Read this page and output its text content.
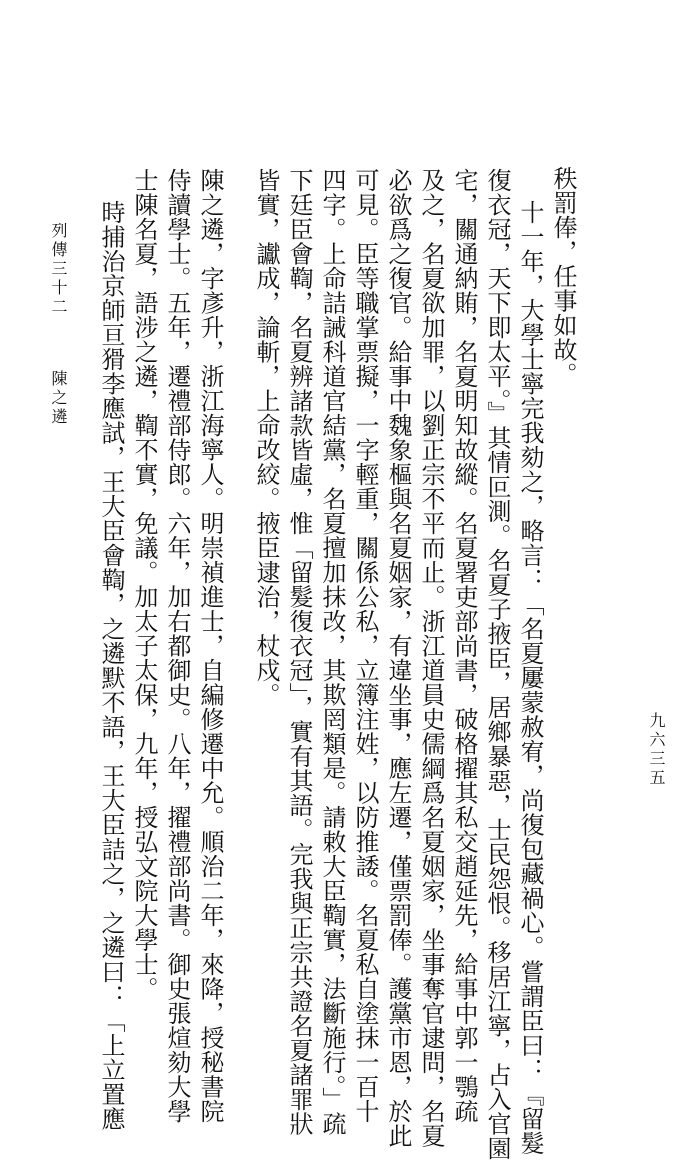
九六三五
秩罰俸，任事如故。
十一年，大學士寧完我劾之，略言：「名夏屢蒙赦宥，尚復包藏禍心。嘗謂臣曰：『留髮
復衣冠，天下即太平。』其情叵測。名夏子掖臣，居鄉暴惡，士民怨恨。移居江寧，占入官園
宅，關通納賄，名夏明知故縱。名夏署吏部尚書，破格擢其私交趙延先，給事中郭一鶚疏
及之，名夏欲加罪，以劉正宗不平而止。浙江道員史儒綱爲名夏姻家，坐事奪官逮問，名夏
必欲爲之復官。給事中魏象樞與名夏姻家，有違坐事，應左遷，僅票罰俸。護黨市恩，於此
可見。臣等職掌票擬，一字輕重，關係公私，立簿注姓，以防推諉。名夏私自塗抹一百十
四字。上命詰誡科道官結黨，名夏擅加抹改，其欺罔類是。請敕大臣鞫實，法斷施行。」疏
下廷臣會鞫，名夏辨諸款皆虛，惟「留髮復衣冠」，實有其語。完我與正宗共證名夏諸罪狀
皆實，讞成，論斬，上命改絞。掖臣逮治，杖戍。
陳之遴，字彥升，浙江海寧人。明崇禎進士，自編修遷中允。順治二年，來降，授秘書院
侍讀學士。五年，遷禮部侍郎。六年，加右都御史。八年，擢禮部尚書。御史張煊劾大學
士陳名夏，語涉之遴，鞫不實，免議。加太子太保，九年，授弘文院大學士。
時捕治京師亘猾李應試，王大臣會鞫，之遴默不語，王大臣詰之，之遴曰：「上立置應
列傳三十二
陳之遴
